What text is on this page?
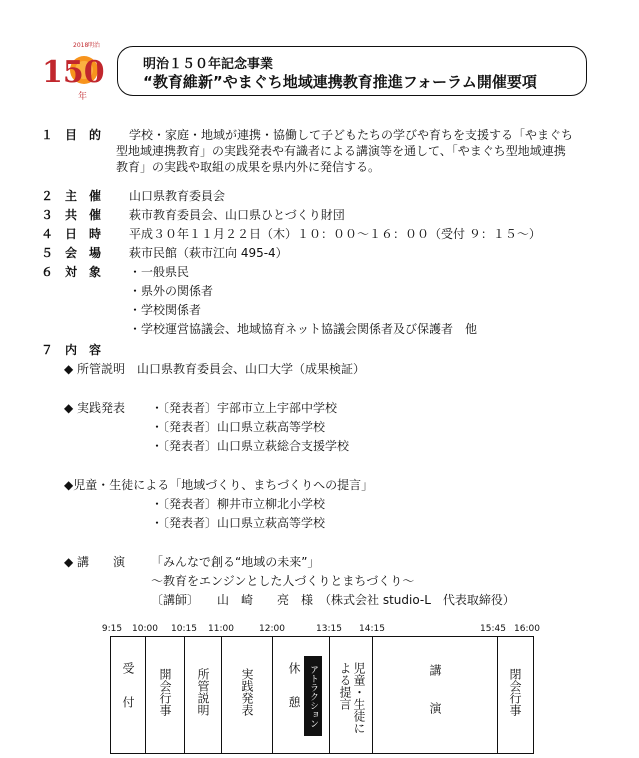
2018 明治
150
年
明治１５０年記念事業
“教育維新”やまぐち地域連携教育推進フォーラム開催要項
１ 目　的 学校・家庭・地域が連携・協働して子どもたちの学びや育ちを支援する「やまぐち
型地域連携教育」の実践発表や有識者による講演等を通して、「やまぐち型地域連携
教育」の実践や取組の成果を県内外に発信する。
２ 主　催 山口県教育委員会
３ 共　催 萩市教育委員会、山口県ひとづくり財団
４ 日　時 平成３０年１１月２２日（木）１０：００～１６：００（受付 ９：１５～）
５ 会　場 萩市民館（萩市江向 495-4）
６ 対　象 ・一般県民
・県外の関係者
・学校関係者
・学校運営協議会、地域協育ネット協議会関係者及び保護者　他
７ 内　容
◆ 所管説明　山口県教育委員会、山口大学（成果検証）
◆ 実践発表 ・〔発表者〕宇部市立上宇部中学校
・〔発表者〕山口県立萩高等学校
・〔発表者〕山口県立萩総合支援学校
◆児童・生徒による「地域づくり、まちづくりへの提言」
・〔発表者〕柳井市立柳北小学校
・〔発表者〕山口県立萩高等学校
◆ 講　　演 「みんなで創る“地域の未来”」
～教育をエンジンとした人づくりとまちづくり～
〔講師〕　　山　崎　　亮　様　（株式会社 studio-L　代表取締役）
9:15 10:00 10:15 11:00	12:00	13:15 14:15	15:45 16:00
受付 開会行事 所管説明	実践発表	休憩 アトラクション	児童・生徒による提言	講演	閉会行事
